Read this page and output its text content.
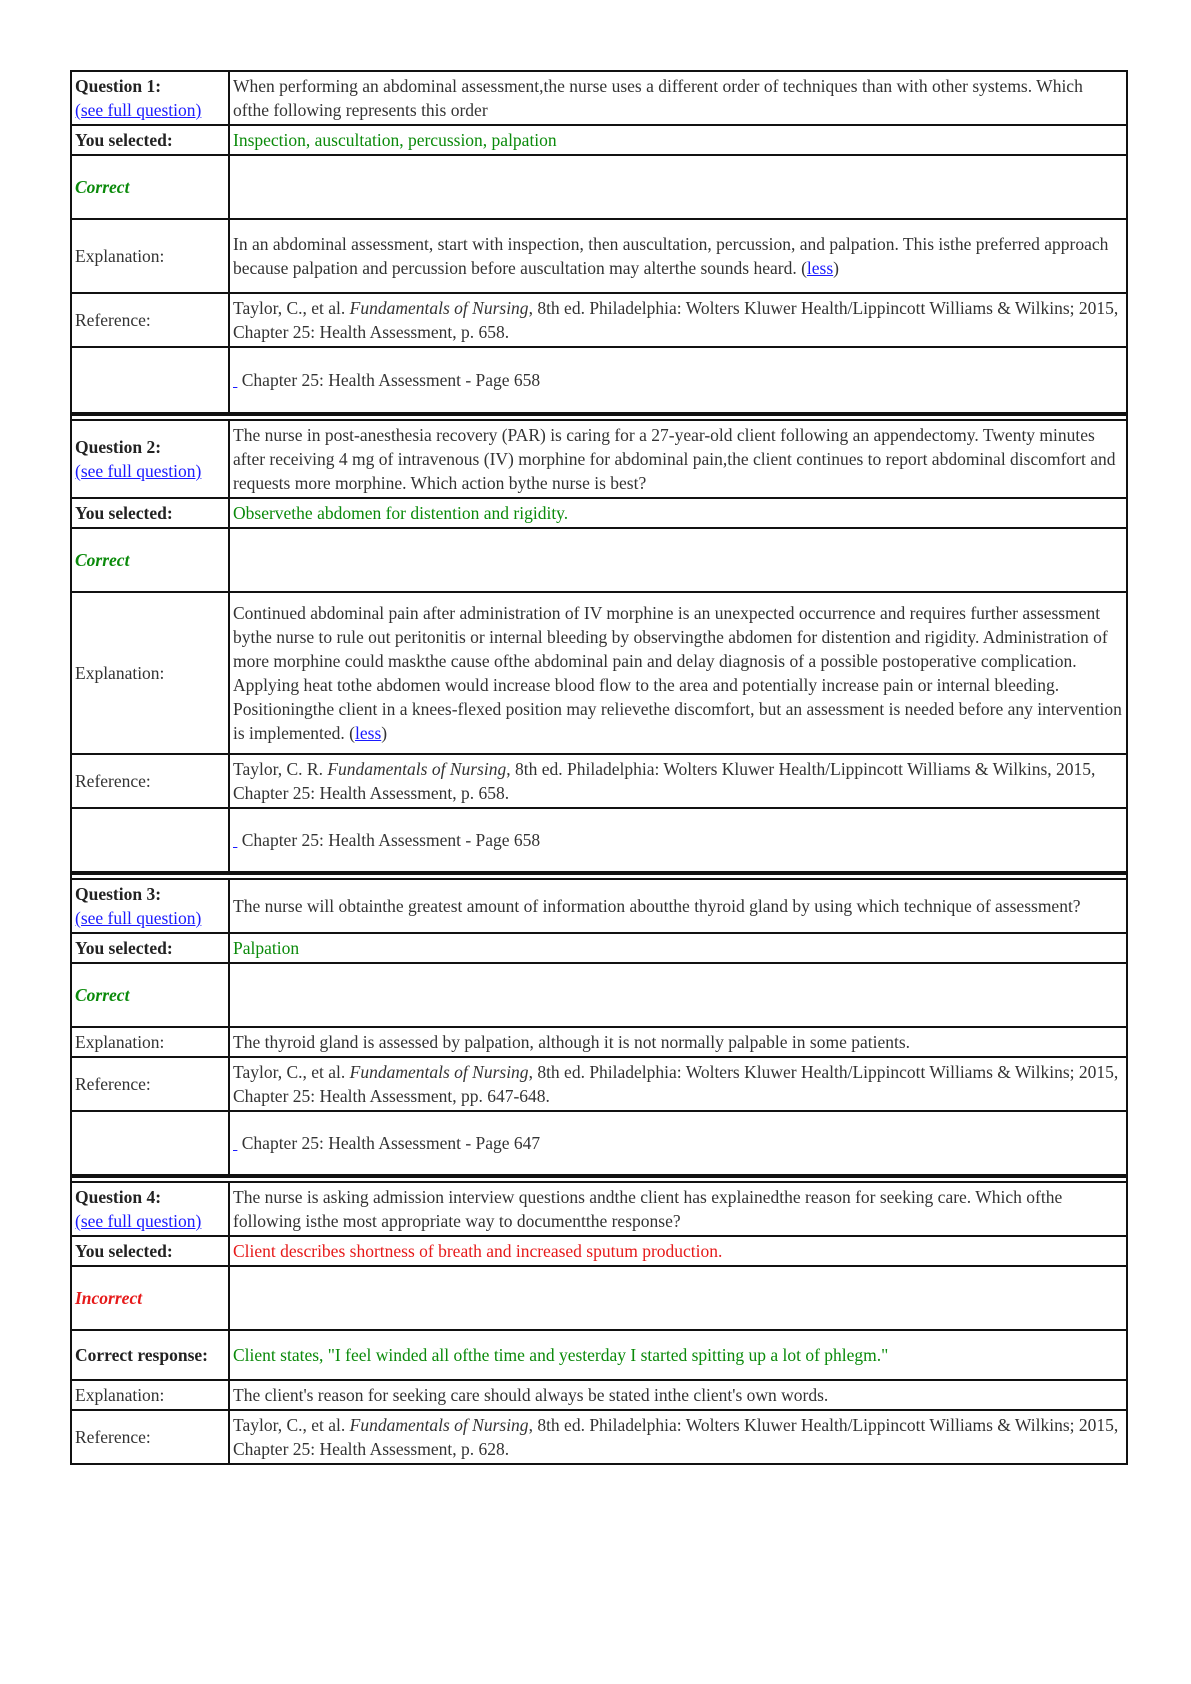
Question 1:
(see full question)	When performing an abdominal assessment,the nurse uses a different order of techniques than with other systems. Which ofthe following represents this order
You selected:	Inspection, auscultation, percussion, palpation
Correct	
Explanation:	In an abdominal assessment, start with inspection, then auscultation, percussion, and palpation. This isthe preferred approach because palpation and percussion before auscultation may alterthe sounds heard. (less)
Reference:	Taylor, C., et al. Fundamentals of Nursing, 8th ed. Philadelphia: Wolters Kluwer Health/Lippincott Williams & Wilkins; 2015, Chapter 25: Health Assessment, p. 658.
	Chapter 25: Health Assessment - Page 658
Question 2:
(see full question)	The nurse in post-anesthesia recovery (PAR) is caring for a 27-year-old client following an appendectomy. Twenty minutes after receiving 4 mg of intravenous (IV) morphine for abdominal pain,the client continues to report abdominal discomfort and requests more morphine. Which action bythe nurse is best?
You selected:	Observethe abdomen for distention and rigidity.
Correct	
Explanation:	Continued abdominal pain after administration of IV morphine is an unexpected occurrence and requires further assessment bythe nurse to rule out peritonitis or internal bleeding by observingthe abdomen for distention and rigidity. Administration of more morphine could maskthe cause ofthe abdominal pain and delay diagnosis of a possible postoperative complication. Applying heat tothe abdomen would increase blood flow to the area and potentially increase pain or internal bleeding. Positioningthe client in a knees-flexed position may relievethe discomfort, but an assessment is needed before any intervention is implemented. (less)
Reference:	Taylor, C. R. Fundamentals of Nursing, 8th ed. Philadelphia: Wolters Kluwer Health/Lippincott Williams & Wilkins, 2015, Chapter 25: Health Assessment, p. 658.
	Chapter 25: Health Assessment - Page 658
Question 3:
(see full question)	The nurse will obtainthe greatest amount of information aboutthe thyroid gland by using which technique of assessment?
You selected:	Palpation
Correct	
Explanation:	The thyroid gland is assessed by palpation, although it is not normally palpable in some patients.
Reference:	Taylor, C., et al. Fundamentals of Nursing, 8th ed. Philadelphia: Wolters Kluwer Health/Lippincott Williams & Wilkins; 2015, Chapter 25: Health Assessment, pp. 647-648.
	Chapter 25: Health Assessment - Page 647
Question 4:
(see full question)	The nurse is asking admission interview questions andthe client has explainedthe reason for seeking care. Which ofthe following isthe most appropriate way to documentthe response?
You selected:	Client describes shortness of breath and increased sputum production.
Incorrect	
Correct response:	Client states, "I feel winded all ofthe time and yesterday I started spitting up a lot of phlegm."
Explanation:	The client's reason for seeking care should always be stated inthe client's own words.
Reference:	Taylor, C., et al. Fundamentals of Nursing, 8th ed. Philadelphia: Wolters Kluwer Health/Lippincott Williams & Wilkins; 2015, Chapter 25: Health Assessment, p. 628.
